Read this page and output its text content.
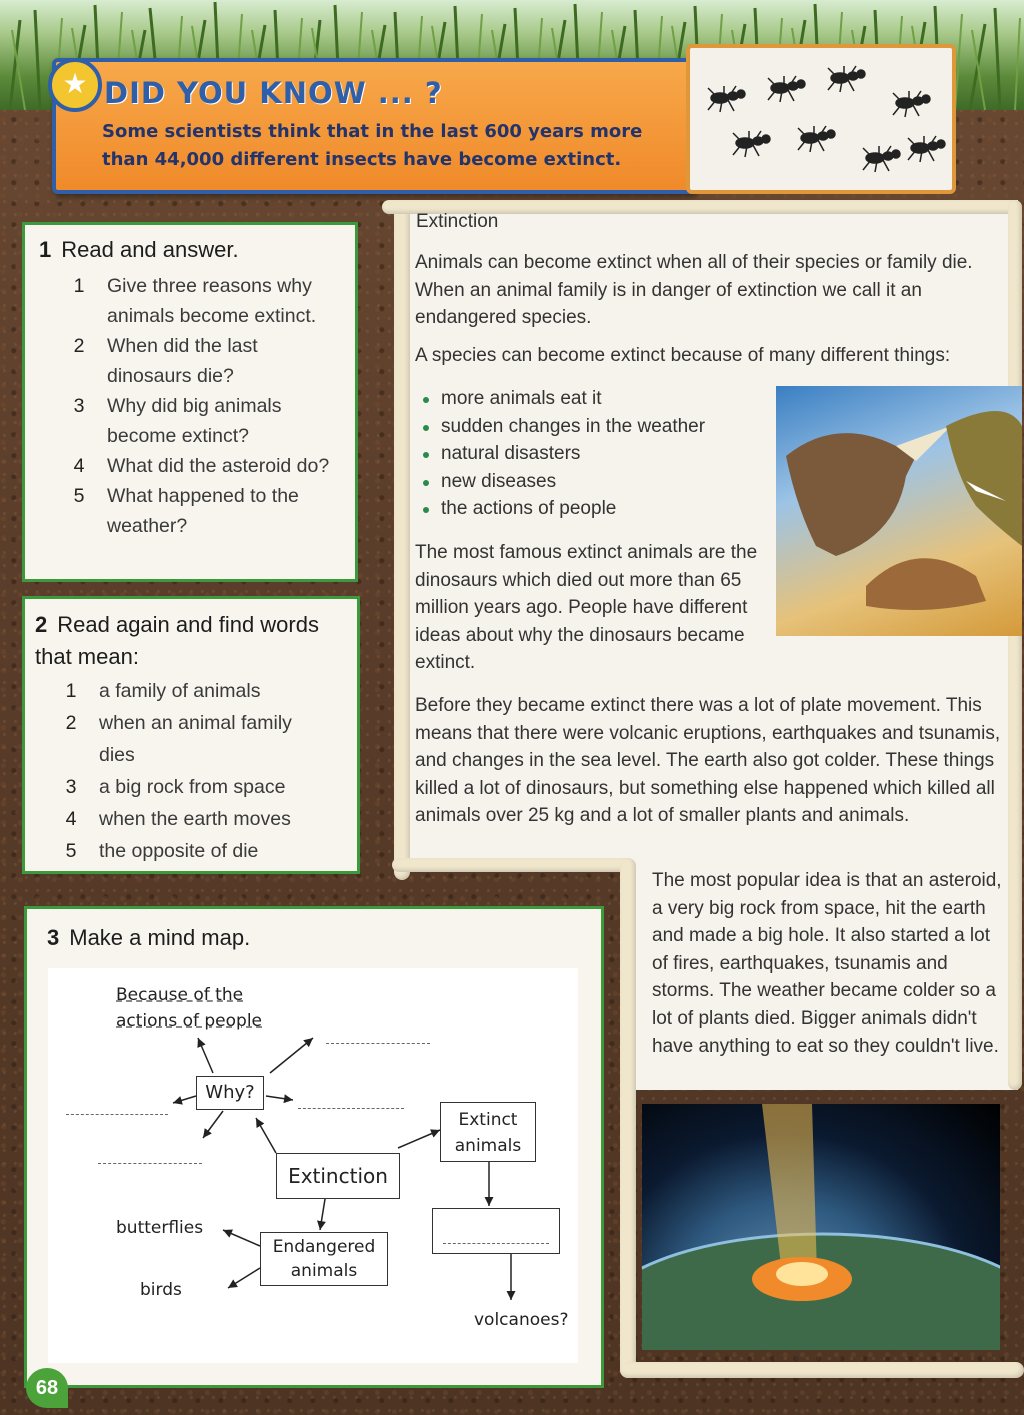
★ DID YOU KNOW ... ?
Some scientists think that in the last 600 years more than 44,000 different insects have become extinct.
1 Read and answer.
1 Give three reasons why animals become extinct.
2 When did the last dinosaurs die?
3 Why did big animals become extinct?
4 What did the asteroid do?
5 What happened to the weather?
2 Read again and find words that mean:
1 a family of animals
2 when an animal family dies
3 a big rock from space
4 when the earth moves
5 the opposite of die
3 Make a mind map.
Because of the actions of people
Why?
Extinction
Extinct animals
Endangered animals
butterflies
birds
volcanoes?
Extinction

Animals can become extinct when all of their species or family die. When an animal family is in danger of extinction we call it an endangered species.

A species can become extinct because of many different things:

more animals eat it
sudden changes in the weather
natural disasters
new diseases
the actions of people

The most famous extinct animals are the dinosaurs which died out more than 65 million years ago. People have different ideas about why the dinosaurs became extinct.

Before they became extinct there was a lot of plate movement. This means that there were volcanic eruptions, earthquakes and tsunamis, and changes in the sea level. The earth also got colder. These things killed a lot of dinosaurs, but something else happened which killed all animals over 25 kg and a lot of smaller plants and animals.

The most popular idea is that an asteroid, a very big rock from space, hit the earth and made a big hole. It also started a lot of fires, earthquakes, tsunamis and storms. The weather became colder so a lot of plants died. Bigger animals didn't have anything to eat so they couldn't live.

68
